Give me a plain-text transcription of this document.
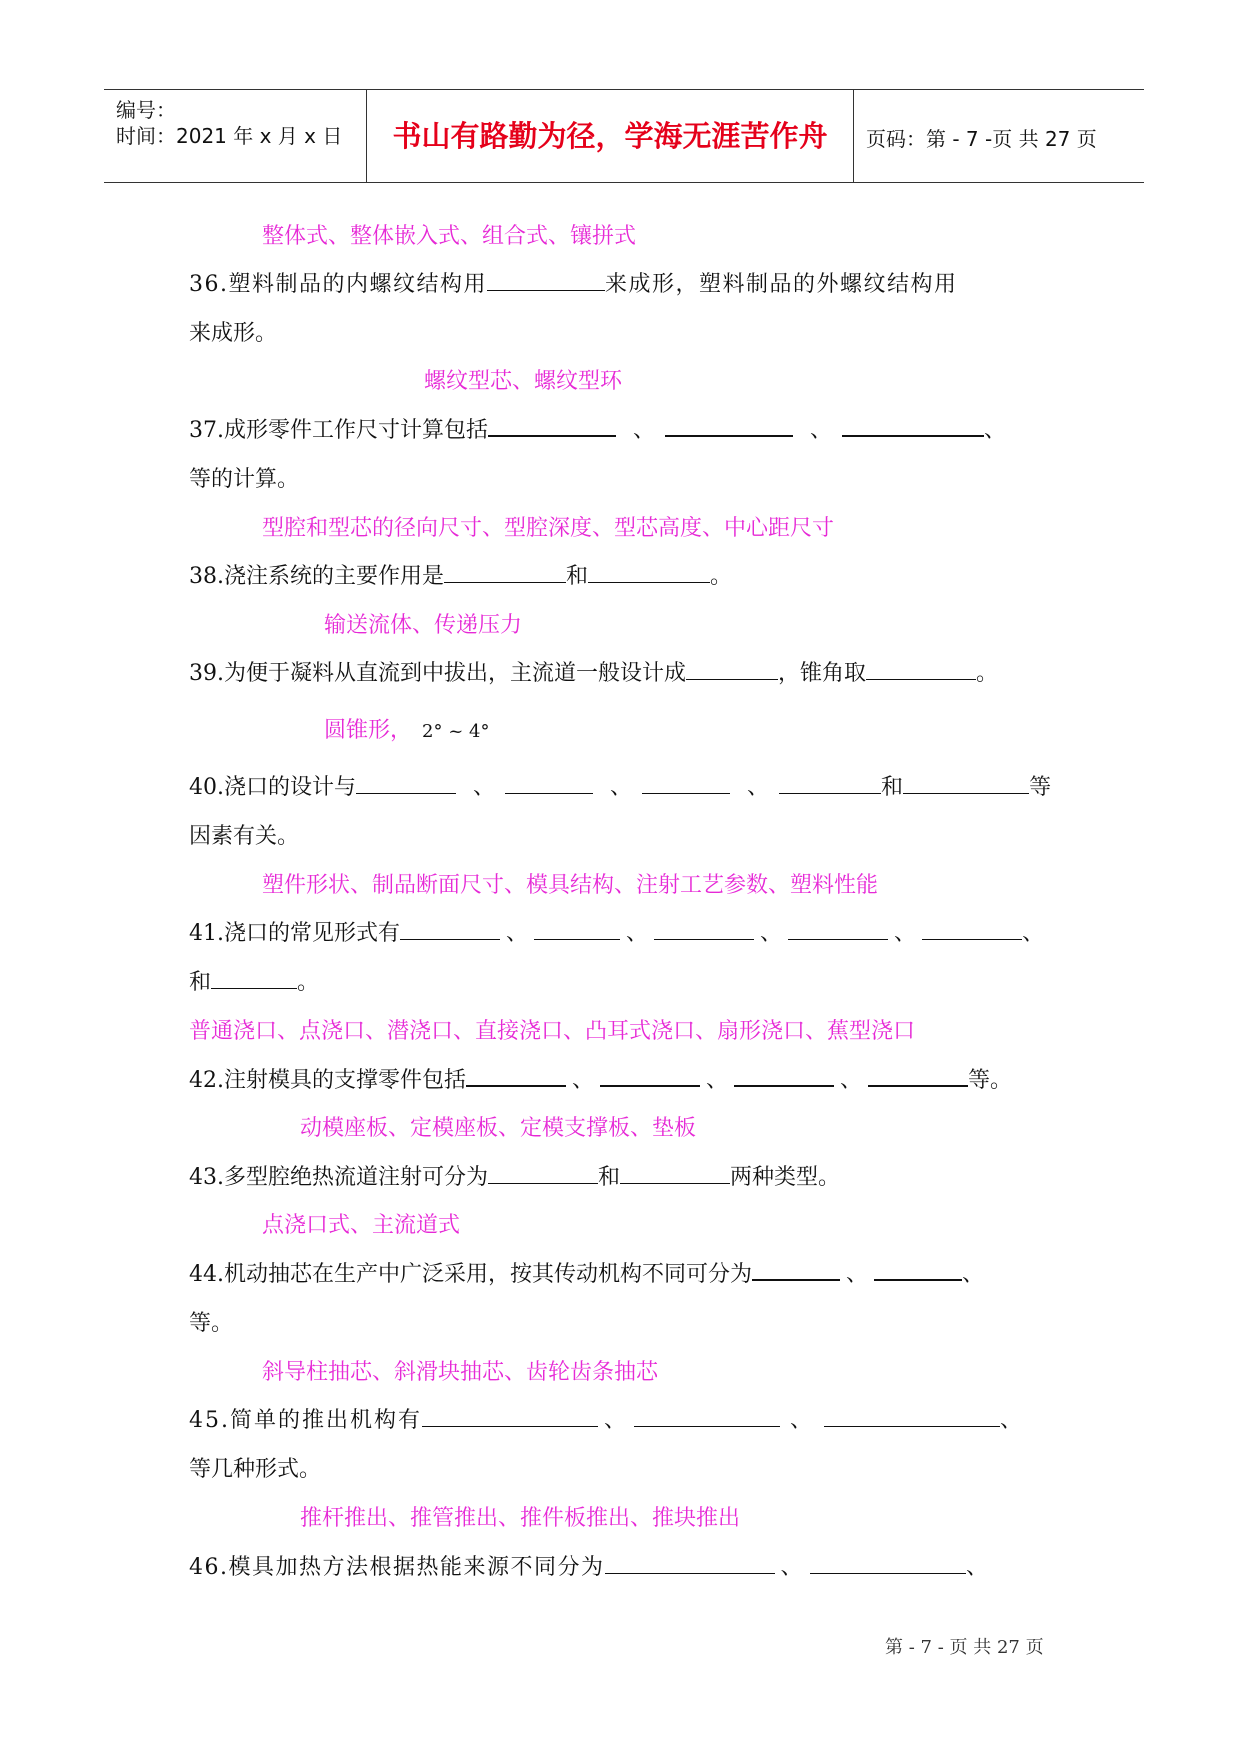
编号：
时间：2021 年 x 月 x 日	书山有路勤为径，学海无涯苦作舟	页码：第 - 7 -页 共 27 页
整体式、整体嵌入式、组合式、镶拼式
36.塑料制品的内螺纹结构用	来成形，塑料制品的外螺纹结构用
来成形。
螺纹型芯、螺纹型环
37.成形零件工作尺寸计算包括	、	、	、
等的计算。
型腔和型芯的径向尺寸、型腔深度、型芯高度、中心距尺寸
38.浇注系统的主要作用是	和	。
输送流体、传递压力
39.为便于凝料从直流到中拔出，主流道一般设计成	，锥角取	。
圆锥形， 2° ~ 4°
40.浇口的设计与	、	、	、	和	等
因素有关。
塑件形状、制品断面尺寸、模具结构、注射工艺参数、塑料性能
41.浇口的常见形式有	、	、	、	、	、
和	。
普通浇口、点浇口、潜浇口、直接浇口、凸耳式浇口、扇形浇口、蕉型浇口
42.注射模具的支撑零件包括	、	、	、	等。
动模座板、定模座板、定模支撑板、垫板
43.多型腔绝热流道注射可分为	和	两种类型。
点浇口式、主流道式
44.机动抽芯在生产中广泛采用，按其传动机构不同可分为	、	、
等。
斜导柱抽芯、斜滑块抽芯、齿轮齿条抽芯
45.简单的推出机构有	、	、	、
等几种形式。
推杆推出、推管推出、推件板推出、推块推出
46.模具加热方法根据热能来源不同分为	、	、
第 - 7 - 页 共 27 页
